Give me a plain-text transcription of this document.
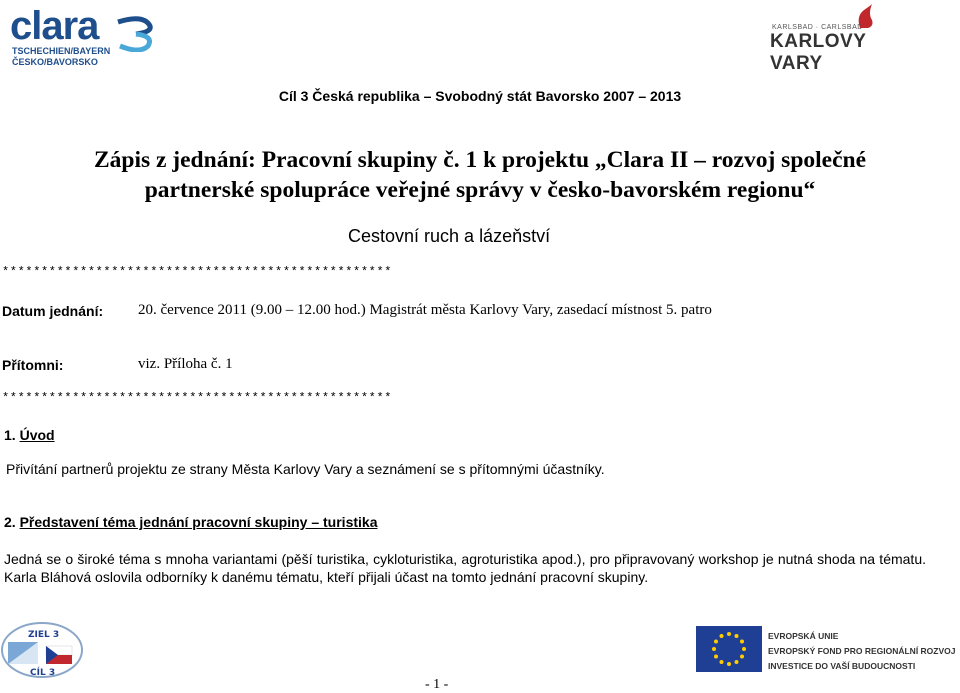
clara
TSCHECHIEN/BAYERN
ČESKO/BAVORSKO
KARLSBAD · CARLSBAD
KARLOVY VARY
Cíl 3 Česká republika – Svobodný stát Bavorsko 2007 – 2013
Zápis z jednání: Pracovní skupiny č. 1 k projektu „Clara II – rozvoj společné
partnerské spolupráce veřejné správy v česko-bavorském regionu“
Cestovní ruch a lázeňství
**************************************************
Datum jednání: 20. července 2011 (9.00 – 12.00 hod.) Magistrát města Karlovy Vary, zasedací místnost 5. patro
Přítomni:	viz. Příloha č. 1
**************************************************
1. Úvod
Přivítání partnerů projektu ze strany Města Karlovy Vary a seznámení se s přítomnými účastníky.
2. Představení téma jednání pracovní skupiny – turistika
Jedná se o široké téma s mnoha variantami (pěší turistika, cykloturistika, agroturistika apod.), pro připravovaný workshop je nutná shoda na tématu. Karla Bláhová oslovila odborníky k danému tématu, kteří přijali účast na tomto jednání pracovní skupiny.
ZIEL 3
CÍL 3
EVROPSKÁ UNIE
EVROPSKÝ FOND PRO REGIONÁLNÍ ROZVOJ
INVESTICE DO VAŠÍ BUDOUCNOSTI
- 1 -
